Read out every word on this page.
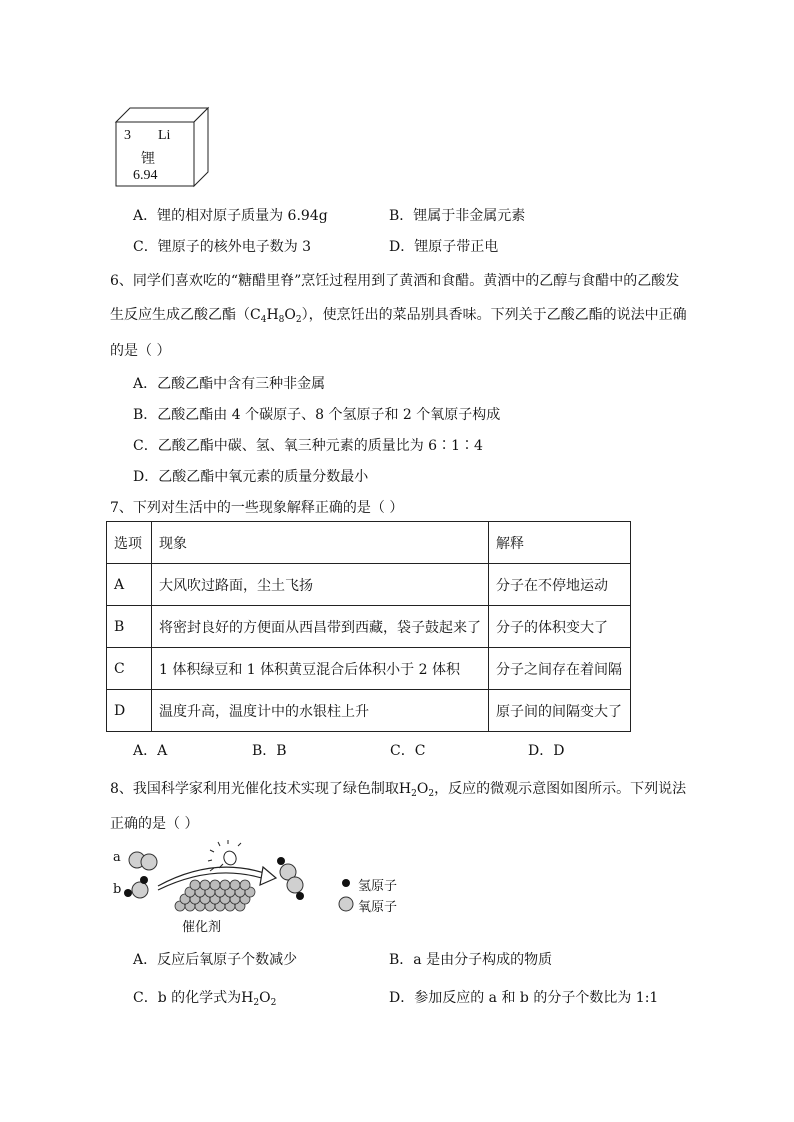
3 Li
锂
6.94
A．锂的相对原子质量为 6.94g	B．锂属于非金属元素
C．锂原子的核外电子数为 3	D．锂原子带正电
6、同学们喜欢吃的“糖醋里脊”烹饪过程用到了黄酒和食醋。黄酒中的乙醇与食醋中的乙酸发
生反应生成乙酸乙酯$(C_4H_8O_2)$，使烹饪出的菜品别具香味。下列关于乙酸乙酯的说法中正确
的是（ ）
A．乙酸乙酯中含有三种非金属
B．乙酸乙酯由 4 个碳原子、8 个氢原子和 2 个氧原子构成
C．乙酸乙酯中碳、氢、氧三种元素的质量比为 6∶1∶4
D．乙酸乙酯中氧元素的质量分数最小
7、下列对生活中的一些现象解释正确的是（ ）
选项	现象	解释
A	大风吹过路面，尘土飞扬	分子在不停地运动
B	将密封良好的方便面从西昌带到西藏，袋子鼓起来了	分子的体积变大了
C	1 体积绿豆和 1 体积黄豆混合后体积小于 2 体积	分子之间存在着间隔
D	温度升高，温度计中的水银柱上升	原子间的间隔变大了
A．A	B．B	C．C	D．D
8、我国科学家利用光催化技术实现了绿色制取$H_2O_2$，反应的微观示意图如图所示。下列说法
正确的是（ ）
a
b
催化剂
氢原子
氧原子
A．反应后氧原子个数减少	B．a 是由分子构成的物质
C．b 的化学式为$H_2O_2$	D．参加反应的 a 和 b 的分子个数比为 1:1
